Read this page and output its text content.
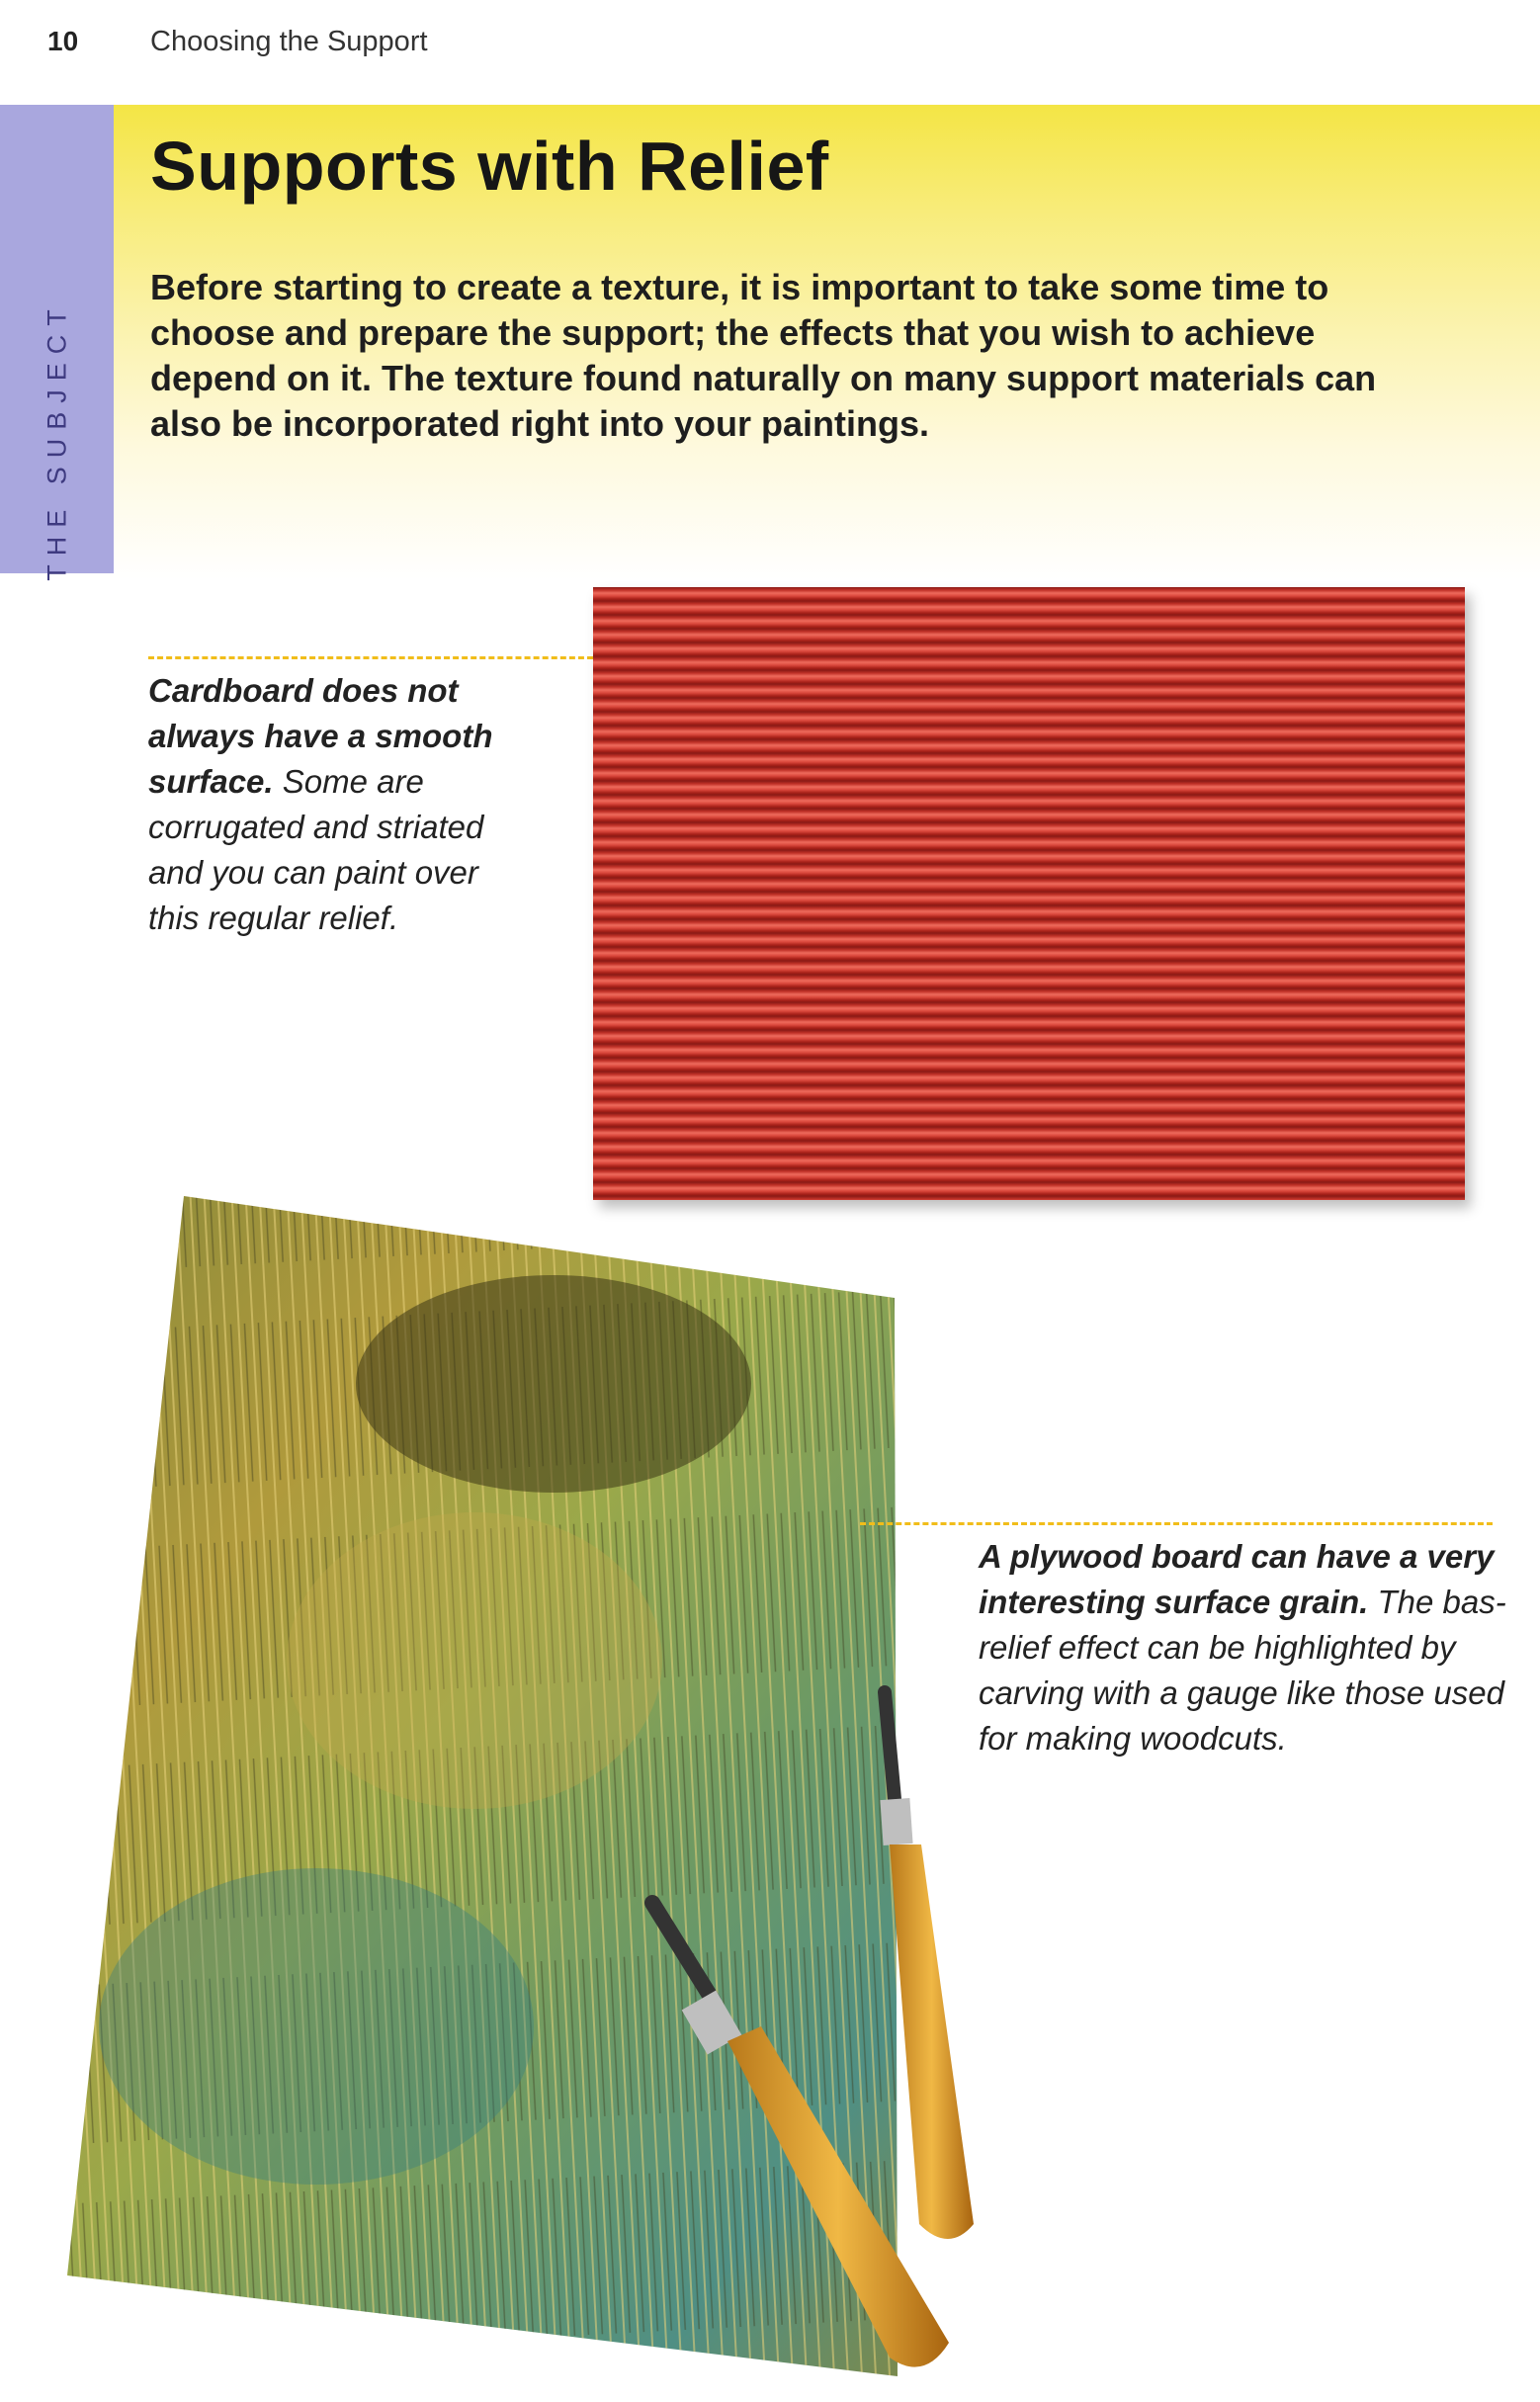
10	Choosing the Support
THE SUBJECT
Supports with Relief

Before starting to create a texture, it is important to take some time to choose and prepare the support; the effects that you wish to achieve depend on it. The texture found naturally on many support materials can also be incorporated right into your paintings.

Cardboard does not always have a smooth surface. Some are corrugated and striated and you can paint over this regular relief.

A plywood board can have a very interesting surface grain. The bas-relief effect can be highlighted by carving with a gauge like those used for making woodcuts.
